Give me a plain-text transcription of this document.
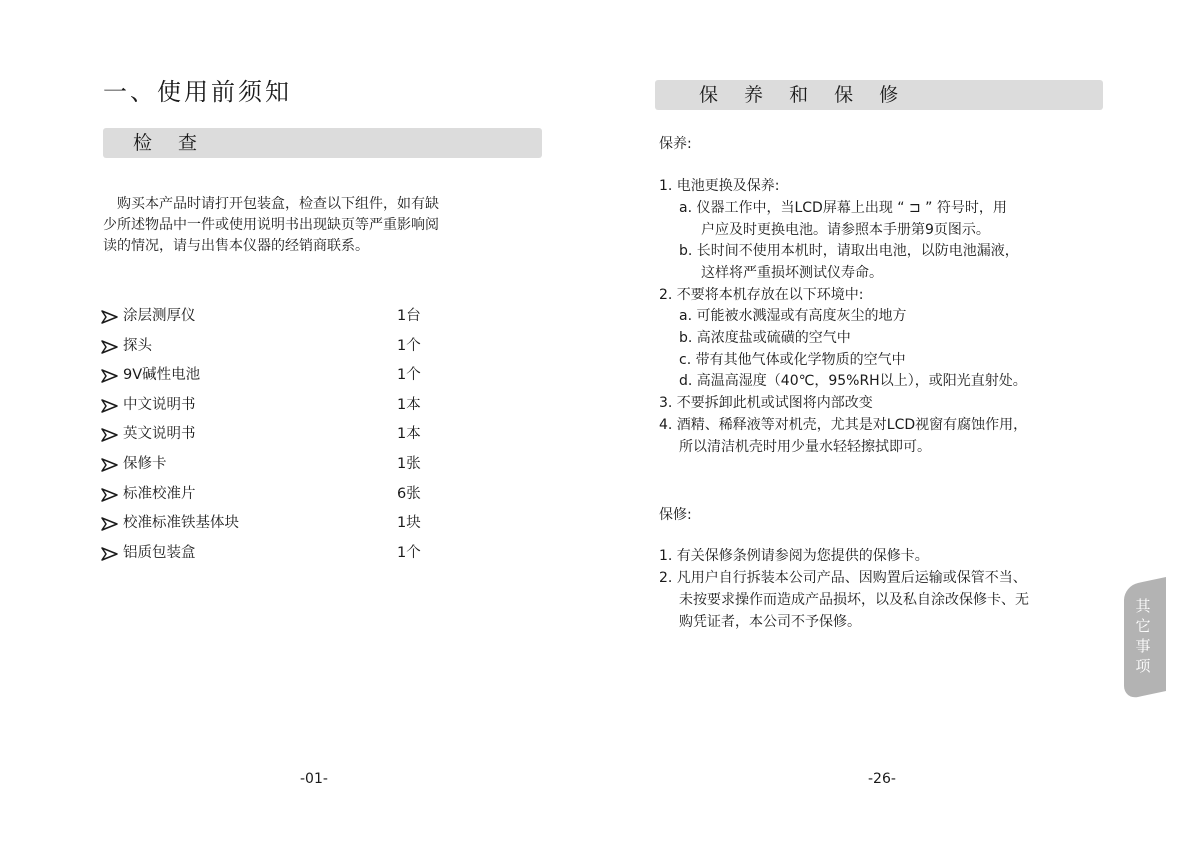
一、使用前须知
检 查
　购买本产品时请打开包装盒，检查以下组件，如有缺
少所述物品中一件或使用说明书出现缺页等严重影响阅
读的情况，请与出售本仪器的经销商联系。
涂层测厚仪	1台
探头	1个
9V碱性电池	1个
中文说明书	1本
英文说明书	1本
保修卡	1张
标准校准片	6张
校准标准铁基体块	1块
铝质包装盒	1个
-01-
保 养 和 保 修
保养:
1. 电池更换及保养:
a. 仪器工作中，当LCD屏幕上出现 “ ⊐ ” 符号时，用
户应及时更换电池。请参照本手册第9页图示。
b. 长时间不使用本机时，请取出电池，以防电池漏液，
这样将严重损坏测试仪寿命。
2. 不要将本机存放在以下环境中:
a. 可能被水溅湿或有高度灰尘的地方
b. 高浓度盐或硫磺的空气中
c. 带有其他气体或化学物质的空气中
d. 高温高湿度（40℃，95%RH以上），或阳光直射处。
3. 不要拆卸此机或试图将内部改变
4. 酒精、稀释液等对机壳，尤其是对LCD视窗有腐蚀作用，
所以清洁机壳时用少量水轻轻擦拭即可。
保修:
1. 有关保修条例请参阅为您提供的保修卡。
2. 凡用户自行拆装本公司产品、因购置后运输或保管不当、
未按要求操作而造成产品损坏，以及私自涂改保修卡、无
购凭证者，本公司不予保修。
其它事项
-26-
